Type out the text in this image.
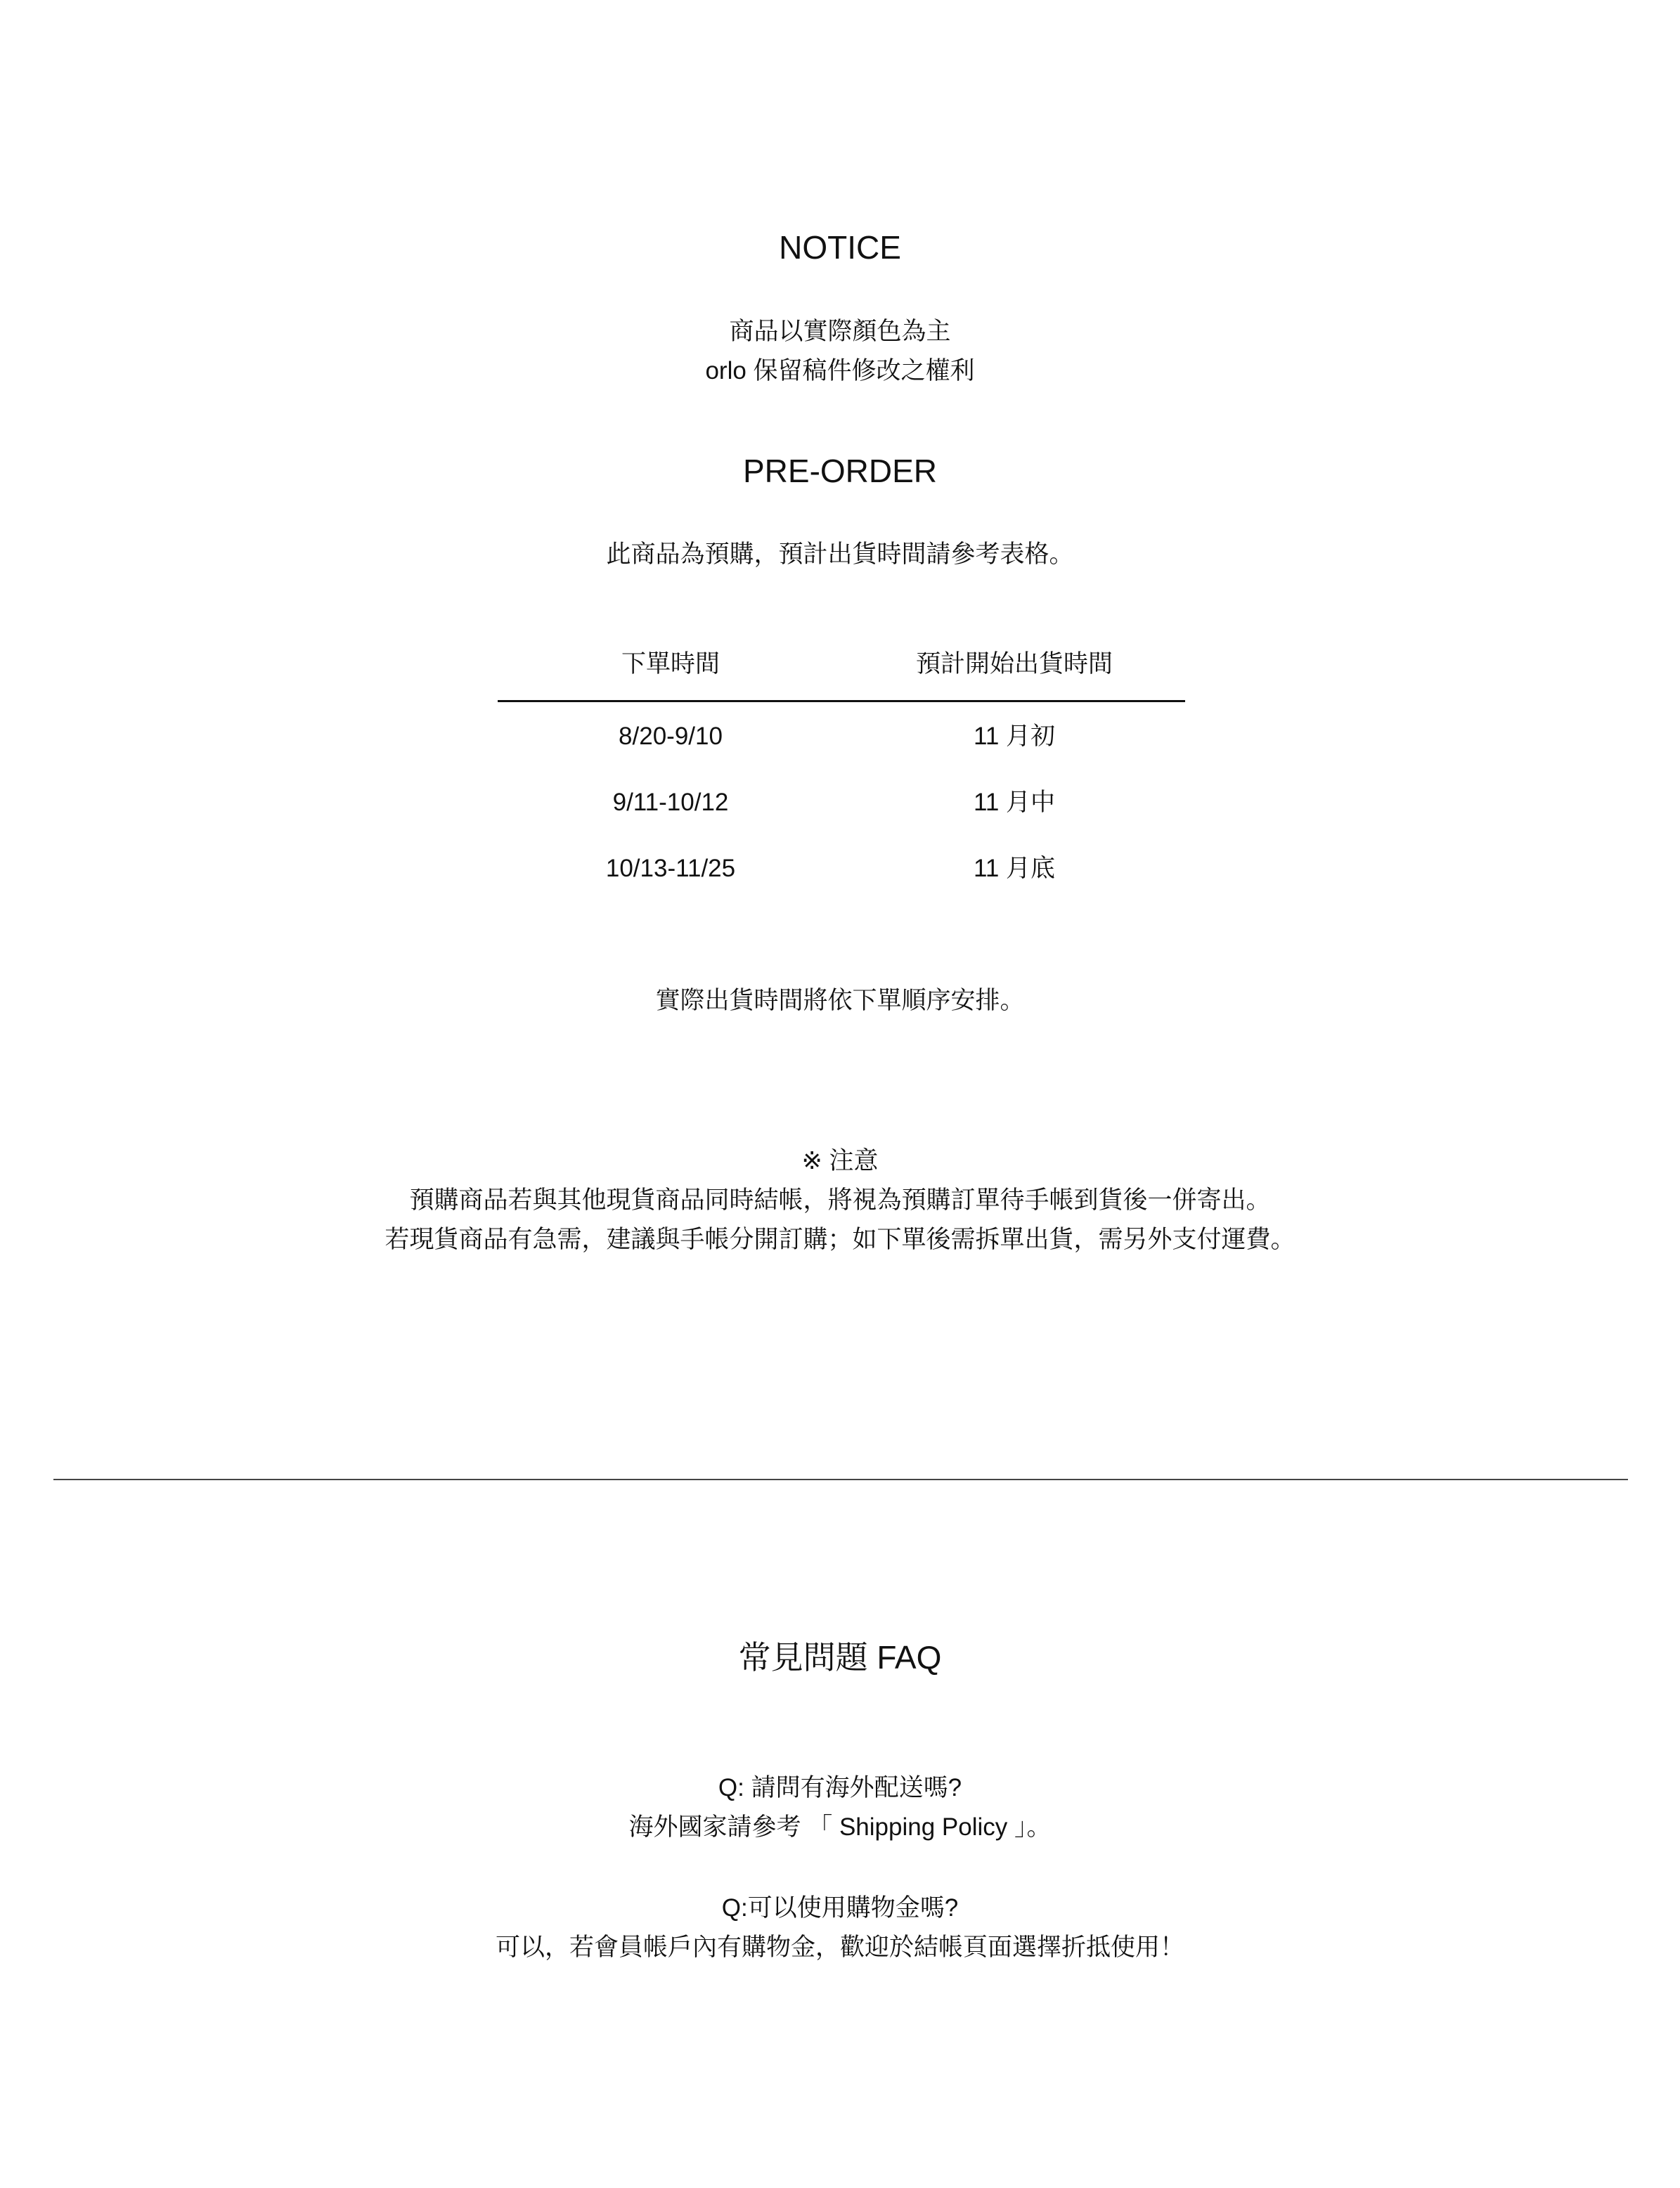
NOTICE
商品以實際顏色為主
orlo 保留稿件修改之權利
PRE-ORDER
此商品為預購，預計出貨時間請參考表格。
下單時間	預計開始出貨時間
8/20-9/10	11 月初
9/11-10/12	11 月中
10/13-11/25	11 月底
實際出貨時間將依下單順序安排。
※ 注意
預購商品若與其他現貨商品同時結帳，將視為預購訂單待手帳到貨後一併寄出。
若現貨商品有急需，建議與手帳分開訂購；如下單後需拆單出貨，需另外支付運費。
常見問題 FAQ
Q: 請問有海外配送嗎?
海外國家請參考 「 Shipping Policy 」。
Q:可以使用購物金嗎?
可以，若會員帳戶內有購物金，歡迎於結帳頁面選擇折抵使用！
